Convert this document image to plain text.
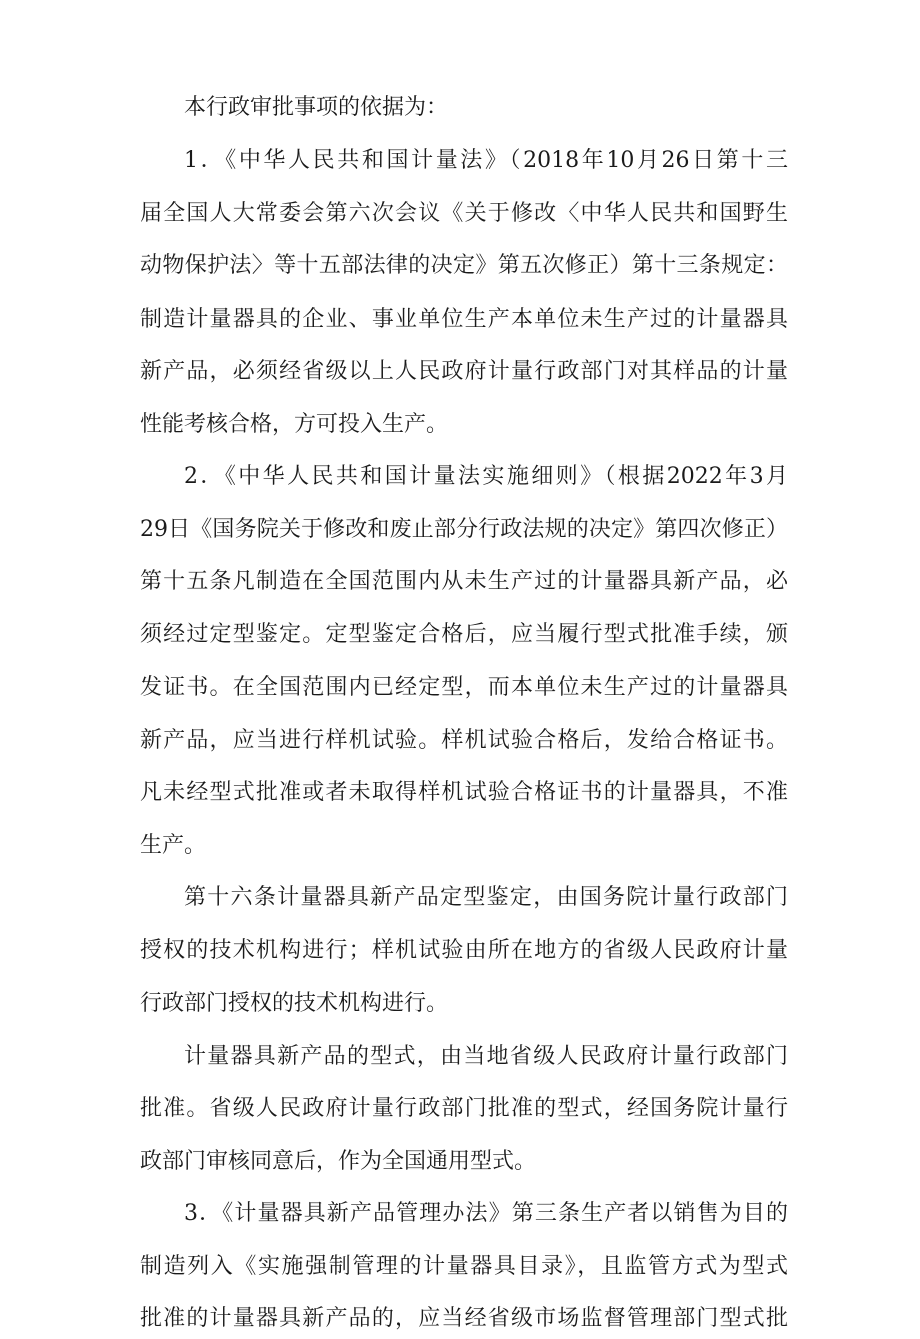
本行政审批事项的依据为：
1．《中华人民共和国计量法》（2018年10月26日第十三
届全国人大常委会第六次会议《关于修改〈中华人民共和国野生
动物保护法〉等十五部法律的决定》第五次修正）第十三条规定：
制造计量器具的企业、事业单位生产本单位未生产过的计量器具
新产品，必须经省级以上人民政府计量行政部门对其样品的计量
性能考核合格，方可投入生产。
2．《中华人民共和国计量法实施细则》（根据2022年3月
29日《国务院关于修改和废止部分行政法规的决定》第四次修正）
第十五条凡制造在全国范围内从未生产过的计量器具新产品，必
须经过定型鉴定。定型鉴定合格后，应当履行型式批准手续，颁
发证书。在全国范围内已经定型，而本单位未生产过的计量器具
新产品，应当进行样机试验。样机试验合格后，发给合格证书。
凡未经型式批准或者未取得样机试验合格证书的计量器具，不准
生产。
第十六条计量器具新产品定型鉴定，由国务院计量行政部门
授权的技术机构进行；样机试验由所在地方的省级人民政府计量
行政部门授权的技术机构进行。
计量器具新产品的型式，由当地省级人民政府计量行政部门
批准。省级人民政府计量行政部门批准的型式，经国务院计量行
政部门审核同意后，作为全国通用型式。
3．《计量器具新产品管理办法》第三条生产者以销售为目的
制造列入《实施强制管理的计量器具目录》，且监管方式为型式
批准的计量器具新产品的，应当经省级市场监督管理部门型式批
